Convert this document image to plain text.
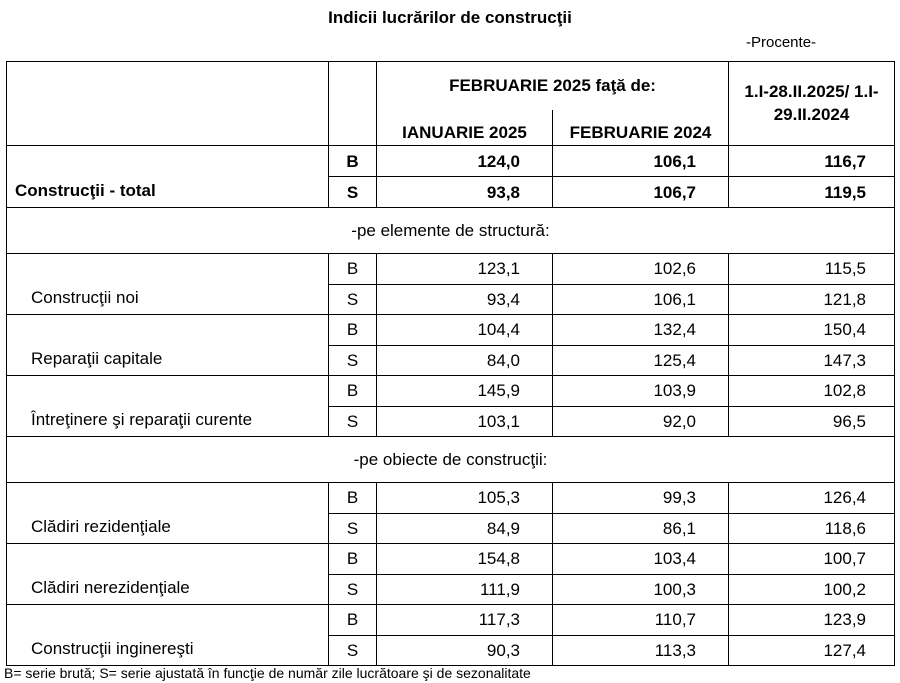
Indicii lucrărilor de construcţii
-Procente-
		FEBRUARIE 2025 faţă de:		1.I-28.II.2025/ 1.I-29.II.2024
		IANUARIE 2025	FEBRUARIE 2024	
Construcţii - total	B	124,0	106,1	116,7
	S	93,8	106,7	119,5
-pe elemente de structură:				
Construcţii noi	B	123,1	102,6	115,5
	S	93,4	106,1	121,8
Reparaţii capitale	B	104,4	132,4	150,4
	S	84,0	125,4	147,3
Întreţinere şi reparaţii curente	B	145,9	103,9	102,8
	S	103,1	92,0	96,5
-pe obiecte de construcţii:				
Clădiri rezidenţiale	B	105,3	99,3	126,4
	S	84,9	86,1	118,6
Clădiri nerezidenţiale	B	154,8	103,4	100,7
	S	111,9	100,3	100,2
Construcţii inginereşti	B	117,3	110,7	123,9
	S	90,3	113,3	127,4
B= serie brută; S= serie ajustată în funcţie de număr zile lucrătoare şi de sezonalitate
